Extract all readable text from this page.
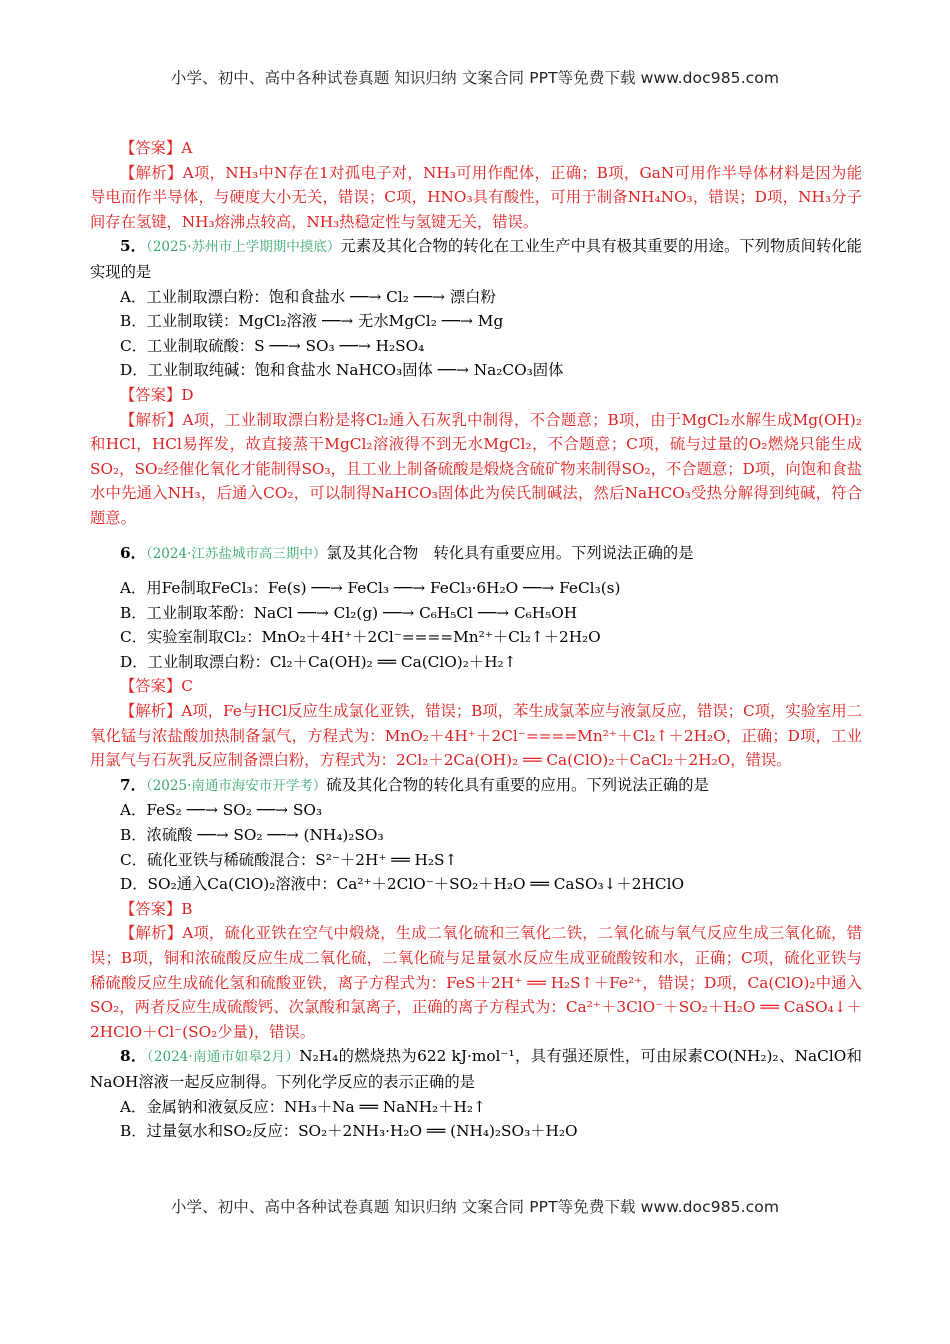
小学、初中、高中各种试卷真题 知识归纳 文案合同 PPT等免费下载 www.doc985.com

【答案】A

【解析】A项，NH₃中N存在1对孤电子对，NH₃可用作配体，正确；B项，GaN可用作半导体材料是因为能导电而作半导体，与硬度大小无关，错误；C项，HNO₃具有酸性，可用于制备NH₄NO₃，错误；D项，NH₃分子间存在氢键，NH₃熔沸点较高，NH₃热稳定性与氢键无关，错误。

5．（2025·苏州市上学期期中摸底）元素及其化合物的转化在工业生产中具有极其重要的用途。下列物质间转化能实现的是

A．工业制取漂白粉：饱和食盐水 ──→ Cl₂ ──→ 漂白粉

B．工业制取镁：MgCl₂溶液 ──→ 无水MgCl₂ ──→ Mg

C．工业制取硫酸：S ──→ SO₃ ──→ H₂SO₄

D．工业制取纯碱：饱和食盐水 NaHCO₃固体 ──→ Na₂CO₃固体

【答案】D

【解析】A项，工业制取漂白粉是将Cl₂通入石灰乳中制得，不合题意；B项，由于MgCl₂水解生成Mg(OH)₂和HCl，HCl易挥发，故直接蒸干MgCl₂溶液得不到无水MgCl₂，不合题意；C项，硫与过量的O₂燃烧只能生成SO₂，SO₂经催化氧化才能制得SO₃，且工业上制备硫酸是煅烧含硫矿物来制得SO₂，不合题意；D项，向饱和食盐水中先通入NH₃，后通入CO₂，可以制得NaHCO₃固体此为侯氏制碱法，然后NaHCO₃受热分解得到纯碱，符合题意。

6．（2024·江苏盐城市高三期中）氯及其化合物　转化具有重要应用。下列说法正确的是

A．用Fe制取FeCl₃：Fe(s) ──→ FeCl₃ ──→ FeCl₃·6H₂O ──→ FeCl₃(s)

B．工业制取苯酚：NaCl ──→ Cl₂(g) ──→ C₆H₅Cl ──→ C₆H₅OH

C．实验室制取Cl₂：MnO₂＋4H⁺＋2Cl⁻====Mn²⁺＋Cl₂↑＋2H₂O

D．工业制取漂白粉：Cl₂＋Ca(OH)₂ ══ Ca(ClO)₂＋H₂↑

【答案】C

【解析】A项，Fe与HCl反应生成氯化亚铁，错误；B项，苯生成氯苯应与液氯反应，错误；C项，实验室用二氧化锰与浓盐酸加热制备氯气，方程式为：MnO₂＋4H⁺＋2Cl⁻====Mn²⁺＋Cl₂↑＋2H₂O，正确；D项，工业用氯气与石灰乳反应制备漂白粉，方程式为：2Cl₂＋2Ca(OH)₂ ══ Ca(ClO)₂＋CaCl₂＋2H₂O，错误。

7．（2025·南通市海安市开学考）硫及其化合物的转化具有重要的应用。下列说法正确的是

A．FeS₂ ──→ SO₂ ──→ SO₃

B．浓硫酸 ──→ SO₂ ──→ (NH₄)₂SO₃

C．硫化亚铁与稀硫酸混合：S²⁻＋2H⁺ ══ H₂S↑

D．SO₂通入Ca(ClO)₂溶液中：Ca²⁺＋2ClO⁻＋SO₂＋H₂O ══ CaSO₃↓＋2HClO

【答案】B

【解析】A项，硫化亚铁在空气中煅烧，生成二氧化硫和三氧化二铁，二氧化硫与氧气反应生成三氧化硫，错误；B项，铜和浓硫酸反应生成二氧化硫，二氧化硫与足量氨水反应生成亚硫酸铵和水，正确；C项，硫化亚铁与稀硫酸反应生成硫化氢和硫酸亚铁，离子方程式为：FeS＋2H⁺ ══ H₂S↑＋Fe²⁺，错误；D项，Ca(ClO)₂中通入SO₂，两者反应生成硫酸钙、次氯酸和氯离子，正确的离子方程式为：Ca²⁺＋3ClO⁻＋SO₂＋H₂O ══ CaSO₄↓＋2HClO＋Cl⁻(SO₂少量)，错误。

8．（2024·南通市如皋2月）N₂H₄的燃烧热为622 kJ·mol⁻¹，具有强还原性，可由尿素CO(NH₂)₂、NaClO和NaOH溶液一起反应制得。下列化学反应的表示正确的是

A．金属钠和液氨反应：NH₃＋Na ══ NaNH₂＋H₂↑

B．过量氨水和SO₂反应：SO₂＋2NH₃·H₂O ══ (NH₄)₂SO₃＋H₂O

小学、初中、高中各种试卷真题 知识归纳 文案合同 PPT等免费下载 www.doc985.com
